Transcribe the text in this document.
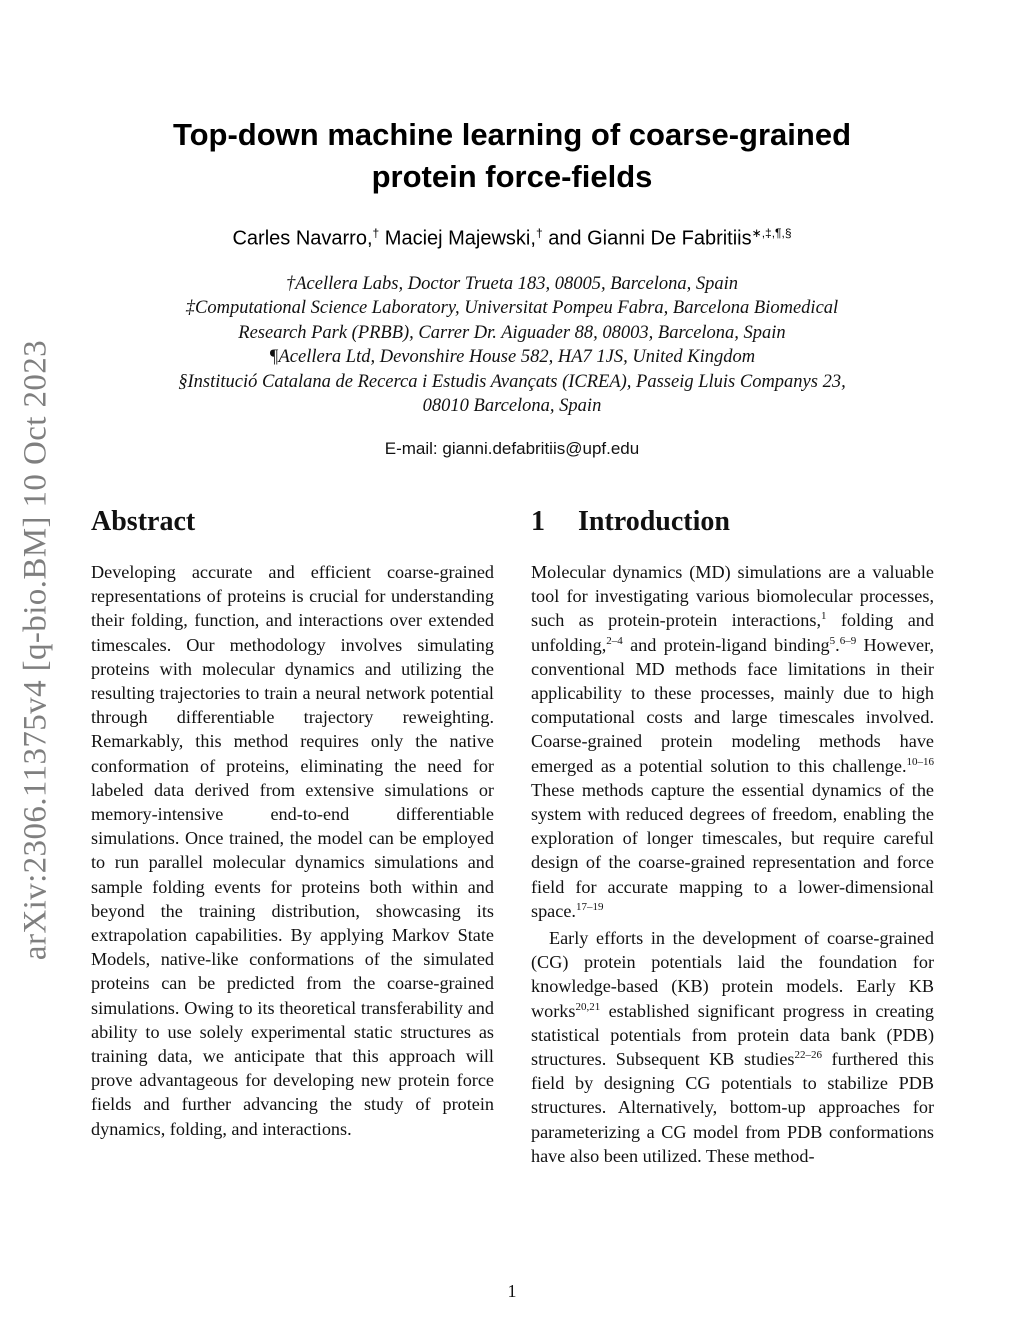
arXiv:2306.11375v4 [q-bio.BM] 10 Oct 2023
Top-down machine learning of coarse-grained
protein force-fields
Carles Navarro,† Maciej Majewski,† and Gianni De Fabritiis∗,‡,¶,§
†Acellera Labs, Doctor Trueta 183, 08005, Barcelona, Spain
‡Computational Science Laboratory, Universitat Pompeu Fabra, Barcelona Biomedical
Research Park (PRBB), Carrer Dr. Aiguader 88, 08003, Barcelona, Spain
¶Acellera Ltd, Devonshire House 582, HA7 1JS, United Kingdom
§Institució Catalana de Recerca i Estudis Avançats (ICREA), Passeig Lluis Companys 23,
08010 Barcelona, Spain
E-mail: gianni.defabritiis@upf.edu
Abstract

Developing accurate and efficient coarse-grained representations of proteins is crucial for understanding their folding, function, and interactions over extended timescales. Our methodology involves simulating proteins with molecular dynamics and utilizing the resulting trajectories to train a neural network potential through differentiable trajectory reweighting. Remarkably, this method requires only the native conformation of proteins, eliminating the need for labeled data derived from extensive simulations or memory-intensive end-to-end differentiable simulations. Once trained, the model can be employed to run parallel molecular dynamics simulations and sample folding events for proteins both within and beyond the training distribution, showcasing its extrapolation capabilities. By applying Markov State Models, native-like conformations of the simulated proteins can be predicted from the coarse-grained simulations. Owing to its theoretical transferability and ability to use solely experimental static structures as training data, we anticipate that this approach will prove advantageous for developing new protein force fields and further advancing the study of protein dynamics, folding, and interactions.

1 Introduction

Molecular dynamics (MD) simulations are a valuable tool for investigating various biomolecular processes, such as protein-protein interactions,$^1$ folding and unfolding,$^{2-4}$ and protein-ligand binding$^5$.$^{6-9}$ However, conventional MD methods face limitations in their applicability to these processes, mainly due to high computational costs and large timescales involved. Coarse-grained protein modeling methods have emerged as a potential solution to this challenge.$^{10-16}$ These methods capture the essential dynamics of the system with reduced degrees of freedom, enabling the exploration of longer timescales, but require careful design of the coarse-grained representation and force field for accurate mapping to a lower-dimensional space.$^{17-19}$

Early efforts in the development of coarse-grained (CG) protein potentials laid the foundation for knowledge-based (KB) protein models. Early KB works$^{20,21}$ established significant progress in creating statistical potentials from protein data bank (PDB) structures. Subsequent KB studies$^{22-26}$ furthered this field by designing CG potentials to stabilize PDB structures. Alternatively, bottom-up approaches for parameterizing a CG model from PDB conformations have also been utilized. These method-

1
